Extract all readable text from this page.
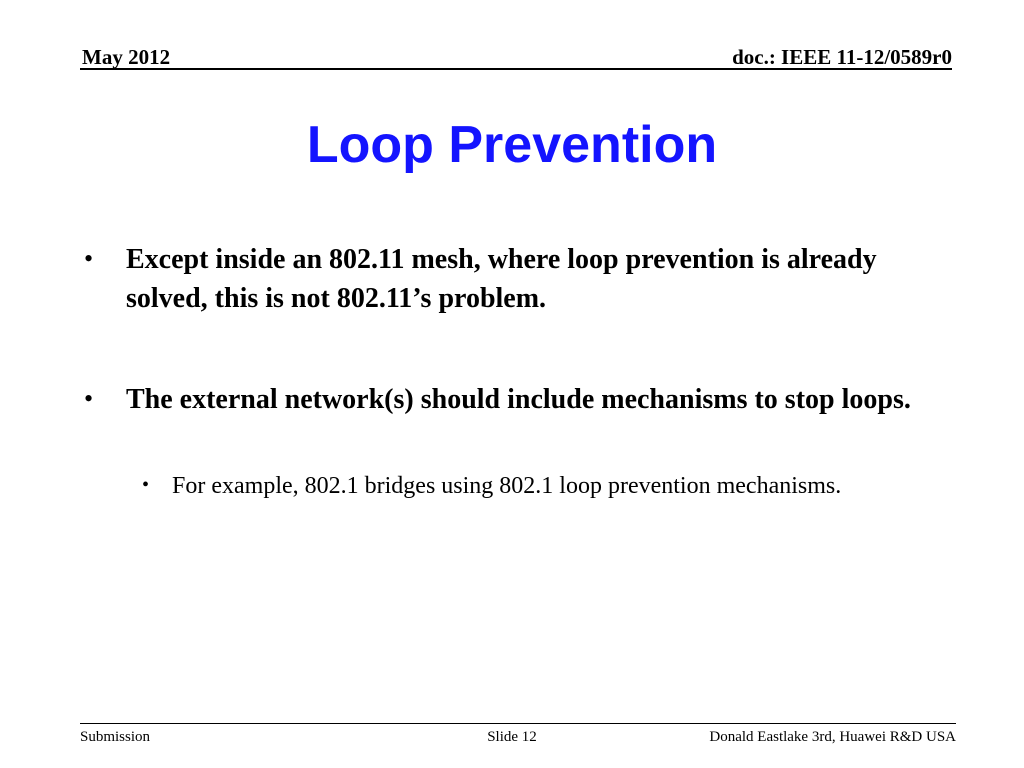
May 2012	doc.: IEEE 11-12/0589r0
Loop Prevention
• Except inside an 802.11 mesh, where loop prevention is already solved, this is not 802.11’s problem.
• The external network(s) should include mechanisms to stop loops.
• For example, 802.1 bridges using 802.1 loop prevention mechanisms.
Submission	Slide 12	Donald Eastlake 3rd, Huawei R&D USA
